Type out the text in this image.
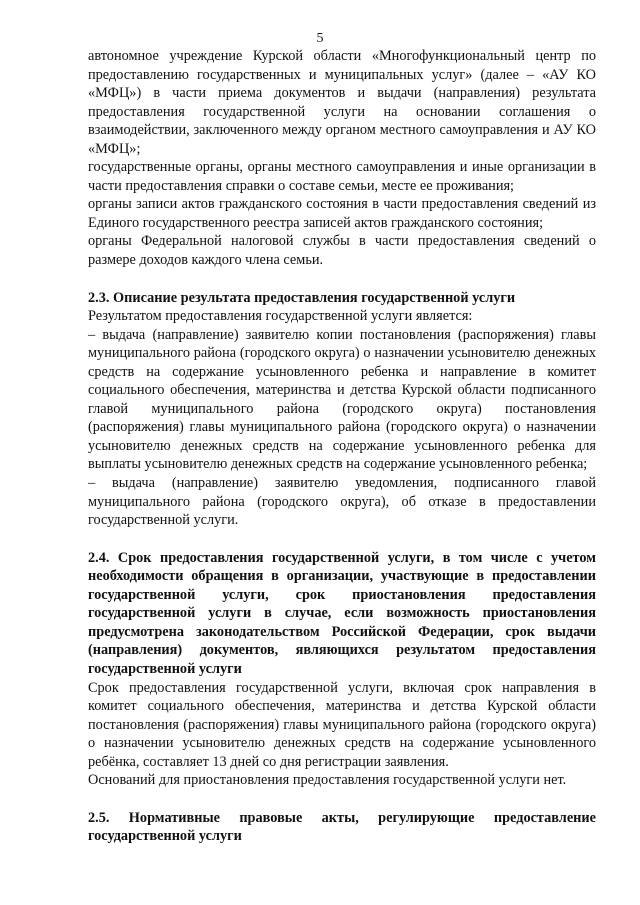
5

автономное учреждение Курской области «Многофункциональный центр по предоставлению государственных и муниципальных услуг» (далее – «АУ КО «МФЦ») в части приема документов и выдачи (направления) результата предоставления государственной услуги на основании соглашения о взаимодействии, заключенного между органом местного самоуправления и АУ КО «МФЦ»;

государственные органы, органы местного самоуправления и иные организации в части предоставления справки о составе семьи, месте ее проживания;

органы записи актов гражданского состояния в части предоставления сведений из Единого государственного реестра записей актов гражданского состояния;

органы Федеральной налоговой службы в части предоставления сведений о размере доходов каждого члена семьи.

2.3. Описание результата предоставления государственной услуги

Результатом предоставления государственной услуги является:

– выдача (направление) заявителю копии постановления (распоряжения) главы муниципального района (городского округа) о назначении усыновителю денежных средств на содержание усыновленного ребенка и направление в комитет социального обеспечения, материнства и детства Курской области подписанного главой муниципального района (городского округа) постановления (распоряжения) главы муниципального района (городского округа) о назначении усыновителю денежных средств на содержание усыновленного ребенка для выплаты усыновителю денежных средств на содержание усыновленного ребенка;

– выдача (направление) заявителю уведомления, подписанного главой муниципального района (городского округа), об отказе в предоставлении государственной услуги.

2.4. Срок предоставления государственной услуги, в том числе с учетом необходимости обращения в организации, участвующие в предоставлении государственной услуги, срок приостановления предоставления государственной услуги в случае, если возможность приостановления предусмотрена законодательством Российской Федерации, срок выдачи (направления) документов, являющихся результатом предоставления государственной услуги

Срок предоставления государственной услуги, включая срок направления в комитет социального обеспечения, материнства и детства Курской области постановления (распоряжения) главы муниципального района (городского округа) о назначении усыновителю денежных средств на содержание усыновленного ребёнка, составляет 13 дней со дня регистрации заявления.

Оснований для приостановления предоставления государственной услуги нет.

2.5. Нормативные правовые акты, регулирующие предоставление государственной услуги
